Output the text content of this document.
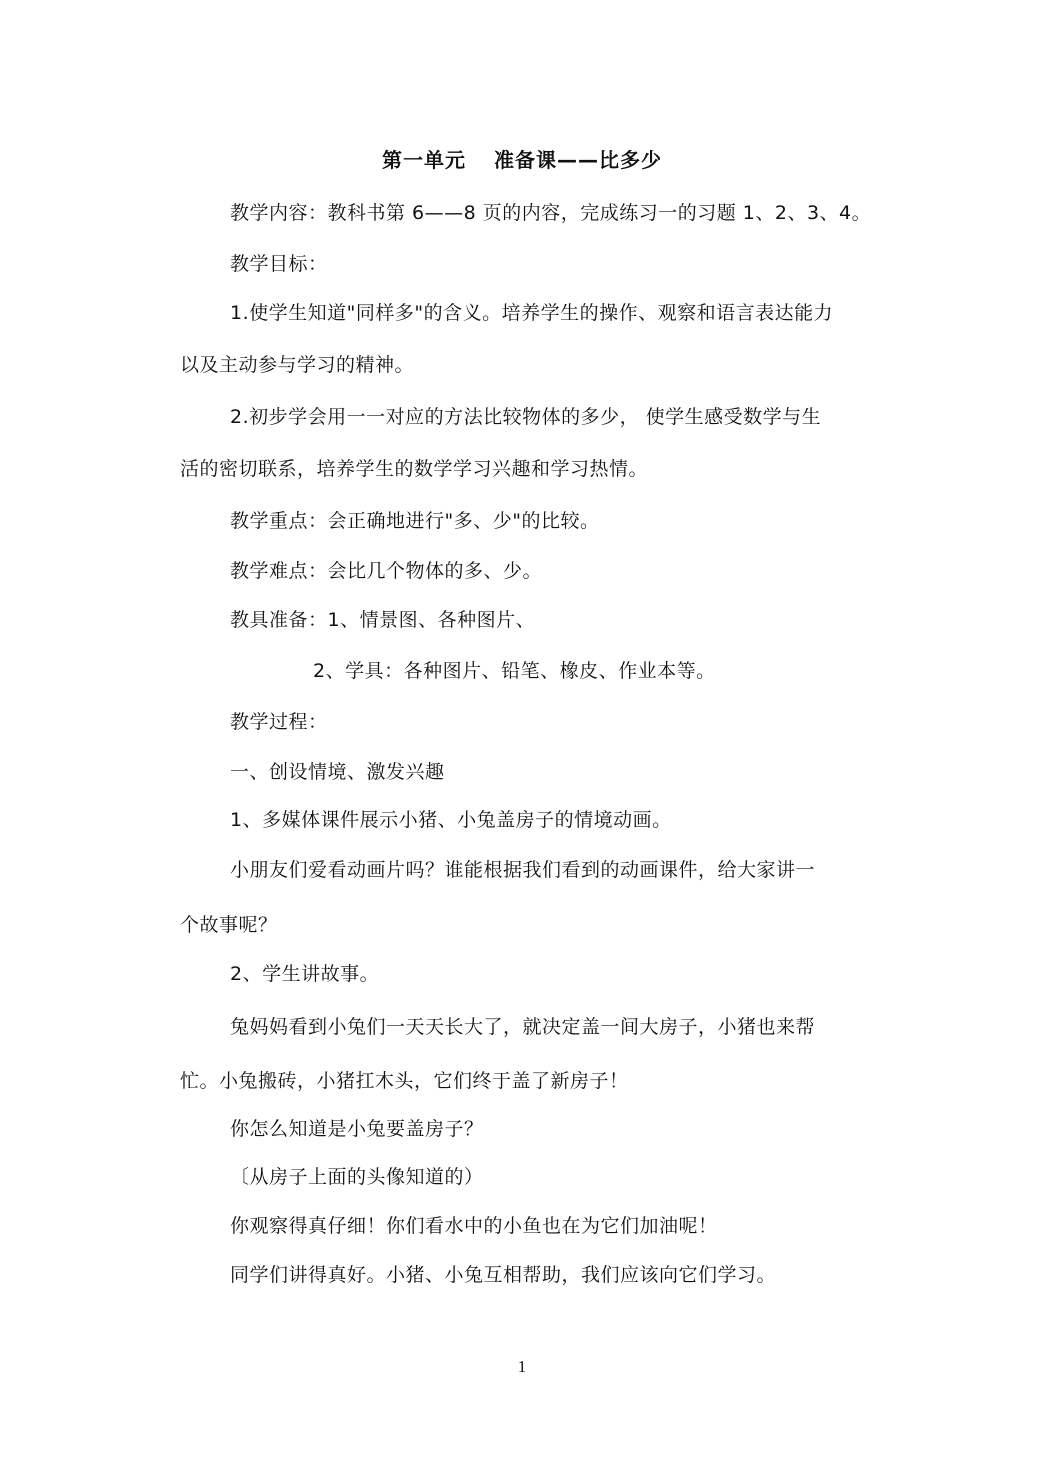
第一单元 准备课——比多少
教学内容：教科书第 6——8 页的内容，完成练习一的习题 1、2、3、4。
教学目标：
1.使学生知道"同样多"的含义。培养学生的操作、观察和语言表达能力
以及主动参与学习的精神。
2.初步学会用一一对应的方法比较物体的多少， 使学生感受数学与生
活的密切联系，培养学生的数学学习兴趣和学习热情。
教学重点：会正确地进行"多、少"的比较。
教学难点：会比几个物体的多、少。
教具准备：1、情景图、各种图片、
2、学具：各种图片、铅笔、橡皮、作业本等。
教学过程：
一、创设情境、激发兴趣
1、多媒体课件展示小猪、小兔盖房子的情境动画。
小朋友们爱看动画片吗？谁能根据我们看到的动画课件，给大家讲一
个故事呢？
2、学生讲故事。
兔妈妈看到小兔们一天天长大了，就决定盖一间大房子，小猪也来帮
忙。小兔搬砖，小猪扛木头，它们终于盖了新房子！
你怎么知道是小兔要盖房子？
〔从房子上面的头像知道的）
你观察得真仔细！你们看水中的小鱼也在为它们加油呢！
同学们讲得真好。小猪、小兔互相帮助，我们应该向它们学习。
1
